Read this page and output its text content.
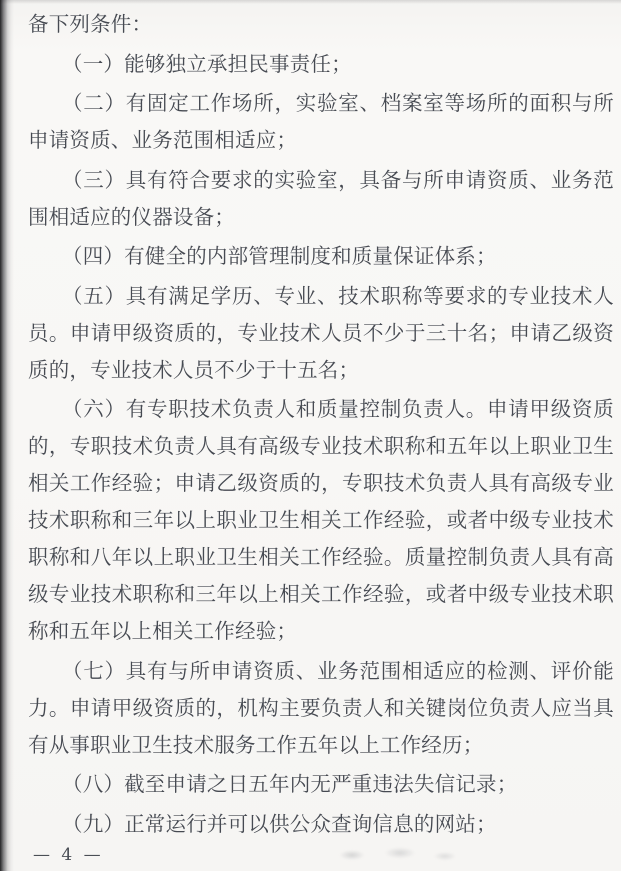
备下列条件：

（一）能够独立承担民事责任；

（二）有固定工作场所，实验室、档案室等场所的面积与所申请资质、业务范围相适应；

（三）具有符合要求的实验室，具备与所申请资质、业务范围相适应的仪器设备；

（四）有健全的内部管理制度和质量保证体系；

（五）具有满足学历、专业、技术职称等要求的专业技术人员。申请甲级资质的，专业技术人员不少于三十名；申请乙级资质的，专业技术人员不少于十五名；

（六）有专职技术负责人和质量控制负责人。申请甲级资质的，专职技术负责人具有高级专业技术职称和五年以上职业卫生相关工作经验；申请乙级资质的，专职技术负责人具有高级专业技术职称和三年以上职业卫生相关工作经验，或者中级专业技术职称和八年以上职业卫生相关工作经验。质量控制负责人具有高级专业技术职称和三年以上相关工作经验，或者中级专业技术职称和五年以上相关工作经验；

（七）具有与所申请资质、业务范围相适应的检测、评价能力。申请甲级资质的，机构主要负责人和关键岗位负责人应当具有从事职业卫生技术服务工作五年以上工作经历；

（八）截至申请之日五年内无严重违法失信记录；

（九）正常运行并可以供公众查询信息的网站；

— 4 —
